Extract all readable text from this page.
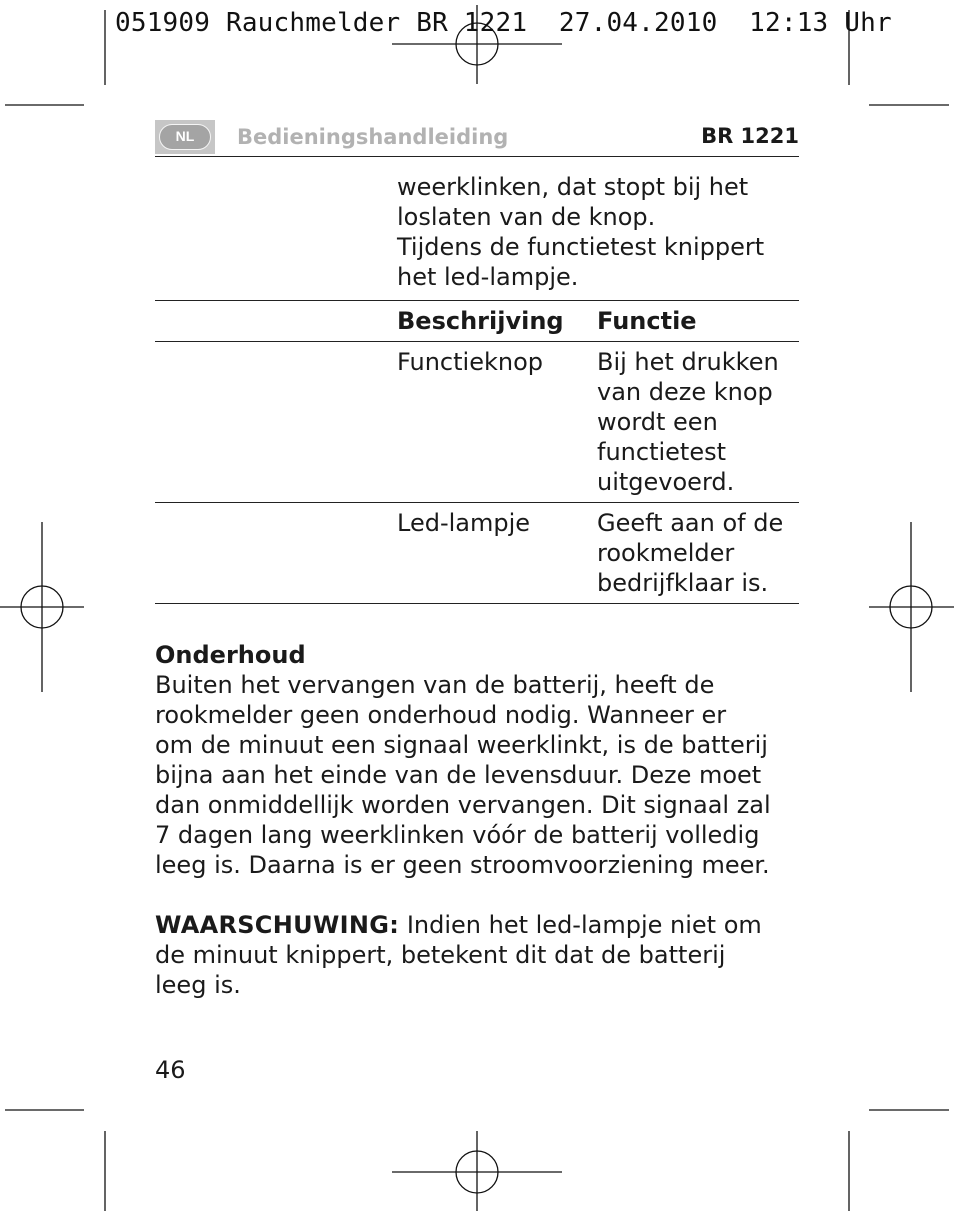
051909 Rauchmelder BR 1221  27.04.2010  12:13 Uhr
NL	Bedieningshandleiding	BR 1221
weerklinken, dat stopt bij het
loslaten van de knop.
Tijdens de functietest knippert
het led-lampje.
	Beschrijving	Functie
	Functieknop	Bij het drukken
van deze knop
wordt een
functietest
uitgevoerd.

	Led-lampje	Geeft aan of de
rookmelder
bedrijfklaar is.
Onderhoud
Buiten het vervangen van de batterij, heeft de
rookmelder geen onderhoud nodig. Wanneer er
om de minuut een signaal weerklinkt, is de batterij
bijna aan het einde van de levensduur. Deze moet
dan onmiddellijk worden vervangen. Dit signaal zal
7 dagen lang weerklinken vóór de batterij volledig
leeg is. Daarna is er geen stroomvoorziening meer.
WAARSCHUWING: Indien het led-lampje niet om
de minuut knippert, betekent dit dat de batterij
leeg is.
46
